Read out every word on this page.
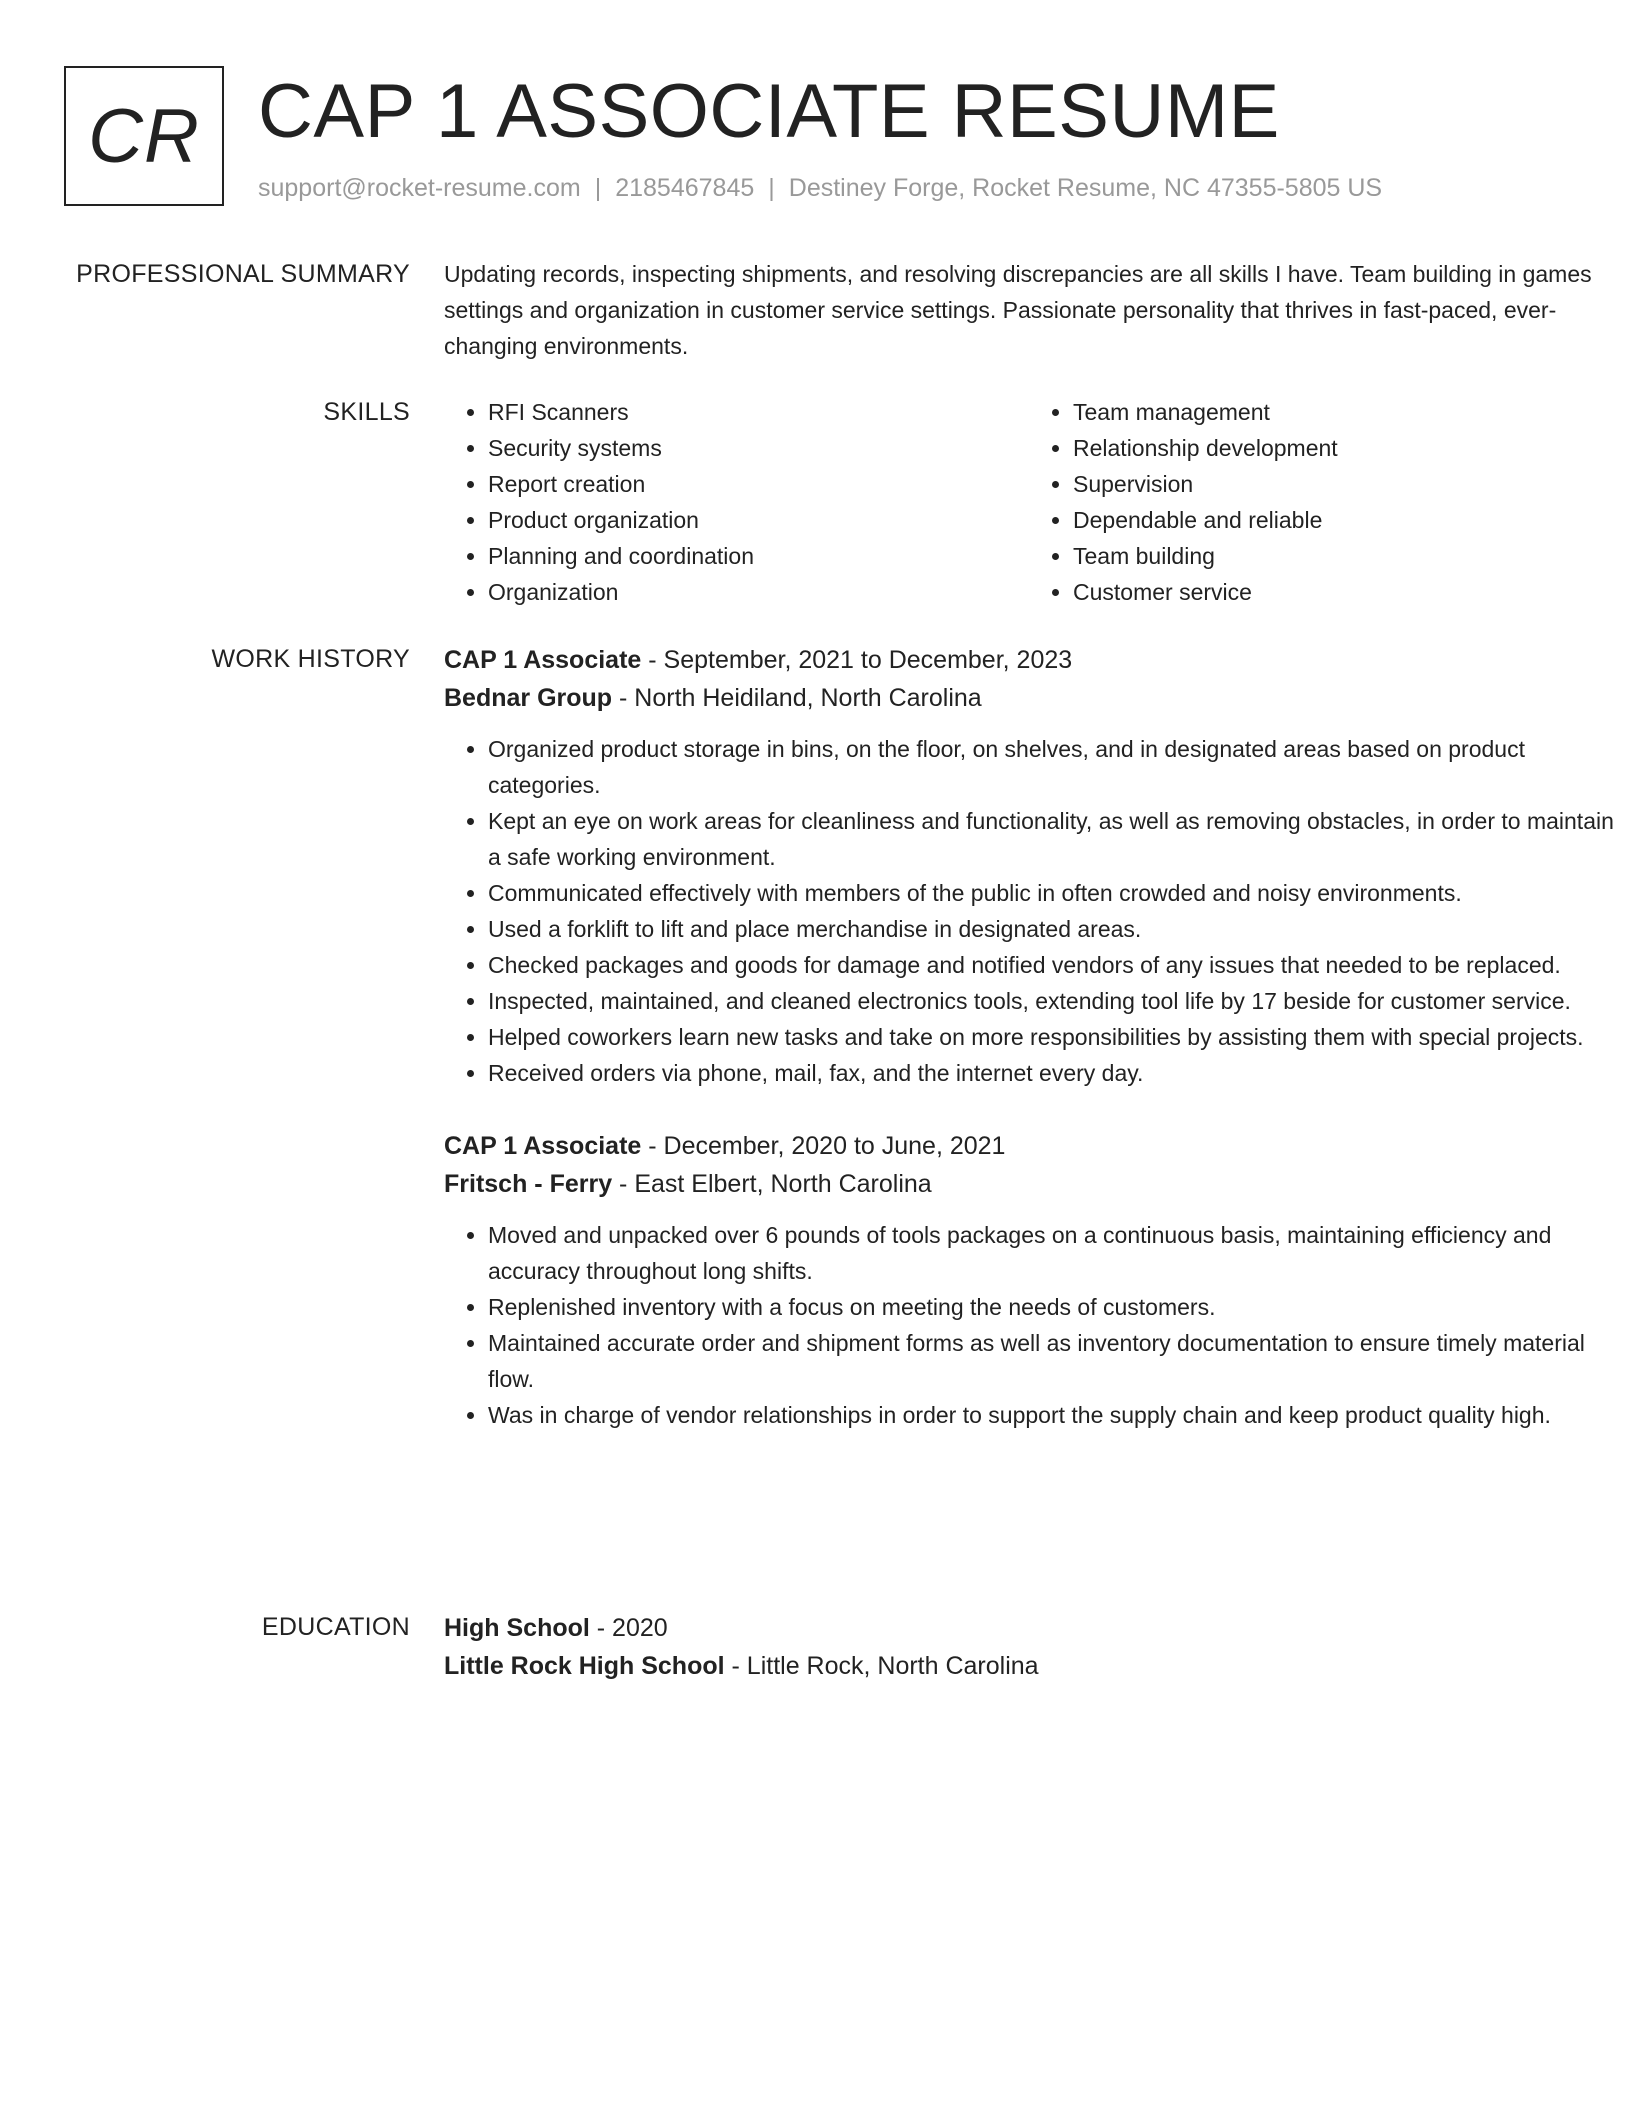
CR CAP 1 ASSOCIATE RESUME
support@rocket-resume.com | 2185467845 | Destiney Forge, Rocket Resume, NC 47355-5805 US
PROFESSIONAL SUMMARY Updating records, inspecting shipments, and resolving discrepancies are all skills I have. Team building in games settings and organization in customer service settings. Passionate personality that thrives in fast-paced, ever-changing environments.

SKILLS
•	RFI Scanners
• Security systems
• Report creation
• Product organization
• Planning and coordination
• Organization
• Team management
• Relationship development
• Supervision
• Dependable and reliable
• Team building
• Customer service
WORK HISTORY CAP 1 Associate - September, 2021 to December, 2023
Bednar Group - North Heidiland, North Carolina
• Organized product storage in bins, on the floor, on shelves, and in designated areas based on product categories.
• Kept an eye on work areas for cleanliness and functionality, as well as removing obstacles, in order to maintain a safe working environment.
• Communicated effectively with members of the public in often crowded and noisy environments.
• Used a forklift to lift and place merchandise in designated areas.
• Checked packages and goods for damage and notified vendors of any issues that needed to be replaced.
• Inspected, maintained, and cleaned electronics tools, extending tool life by 17 beside for customer service.
• Helped coworkers learn new tasks and take on more responsibilities by assisting them with special projects.
• Received orders via phone, mail, fax, and the internet every day.
CAP 1 Associate - December, 2020 to June, 2021
Fritsch - Ferry - East Elbert, North Carolina
• Moved and unpacked over 6 pounds of tools packages on a continuous basis, maintaining efficiency and accuracy throughout long shifts.
• Replenished inventory with a focus on meeting the needs of customers.
• Maintained accurate order and shipment forms as well as inventory documentation to ensure timely material flow.
• Was in charge of vendor relationships in order to support the supply chain and keep product quality high.
EDUCATION High School - 2020
Little Rock High School - Little Rock, North Carolina
